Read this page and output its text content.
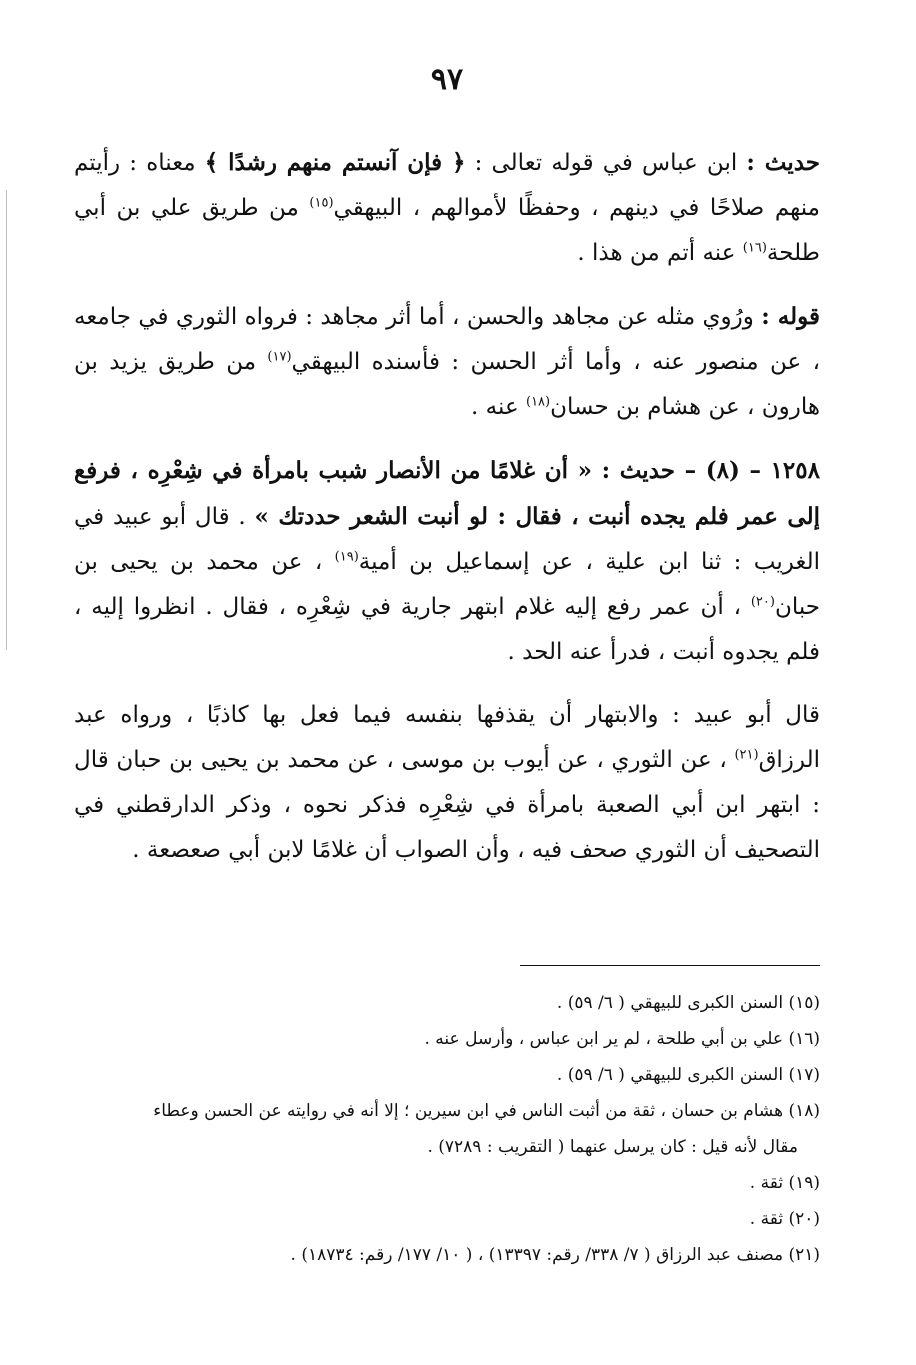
٩٧

حديث : ابن عباس في قوله تعالى : ﴿ فإن آنستم منهم رشدًا ﴾ معناه : رأيتم منهم صلاحًا في دينهم ، وحفظًا لأموالهم ، البيهقي$^{(١٥)}$ من طريق علي بن أبي طلحة$^{(١٦)}$ عنه أتم من هذا .

قوله : ورُوي مثله عن مجاهد والحسن ، أما أثر مجاهد : فرواه الثوري في جامعه ، عن منصور عنه ، وأما أثر الحسن : فأسنده البيهقي$^{(١٧)}$ من طريق يزيد بن هارون ، عن هشام بن حسان$^{(١٨)}$ عنه .

١٢٥٨ – (٨) – حديث : « أن غلامًا من الأنصار شبب بامرأة في شِعْرِه ، فرفع إلى عمر فلم يجده أنبت ، فقال : لو أنبت الشعر حددتك » . قال أبو عبيد في الغريب : ثنا ابن علية ، عن إسماعيل بن أمية$^{(١٩)}$ ، عن محمد بن يحيى بن حبان$^{(٢٠)}$ ، أن عمر رفع إليه غلام ابتهر جارية في شِعْرِه ، فقال . انظروا إليه ، فلم يجدوه أنبت ، فدرأ عنه الحد .

قال أبو عبيد : والابتهار أن يقذفها بنفسه فيما فعل بها كاذبًا ، ورواه عبد الرزاق$^{(٢١)}$ ، عن الثوري ، عن أيوب بن موسى ، عن محمد بن يحيى بن حبان قال : ابتهر ابن أبي الصعبة بامرأة في شِعْرِه فذكر نحوه ، وذكر الدارقطني في التصحيف أن الثوري صحف فيه ، وأن الصواب أن غلامًا لابن أبي صعصعة .

(١٥) السنن الكبرى للبيهقي ( ٦/ ٥٩) .

(١٦) علي بن أبي طلحة ، لم ير ابن عباس ، وأرسل عنه .

(١٧) السنن الكبرى للبيهقي ( ٦/ ٥٩) .

(١٨) هشام بن حسان ، ثقة من أثبت الناس في ابن سيرين ؛ إلا أنه في روايته عن الحسن وعطاء

مقال لأنه قيل : كان يرسل عنهما ( التقريب : ٧٢٨٩) .

(١٩) ثقة .

(٢٠) ثقة .

(٢١) مصنف عبد الرزاق ( ٧/ ٣٣٨/ رقم: ١٣٣٩٧) ، ( ١٠/ ١٧٧/ رقم: ١٨٧٣٤) .
